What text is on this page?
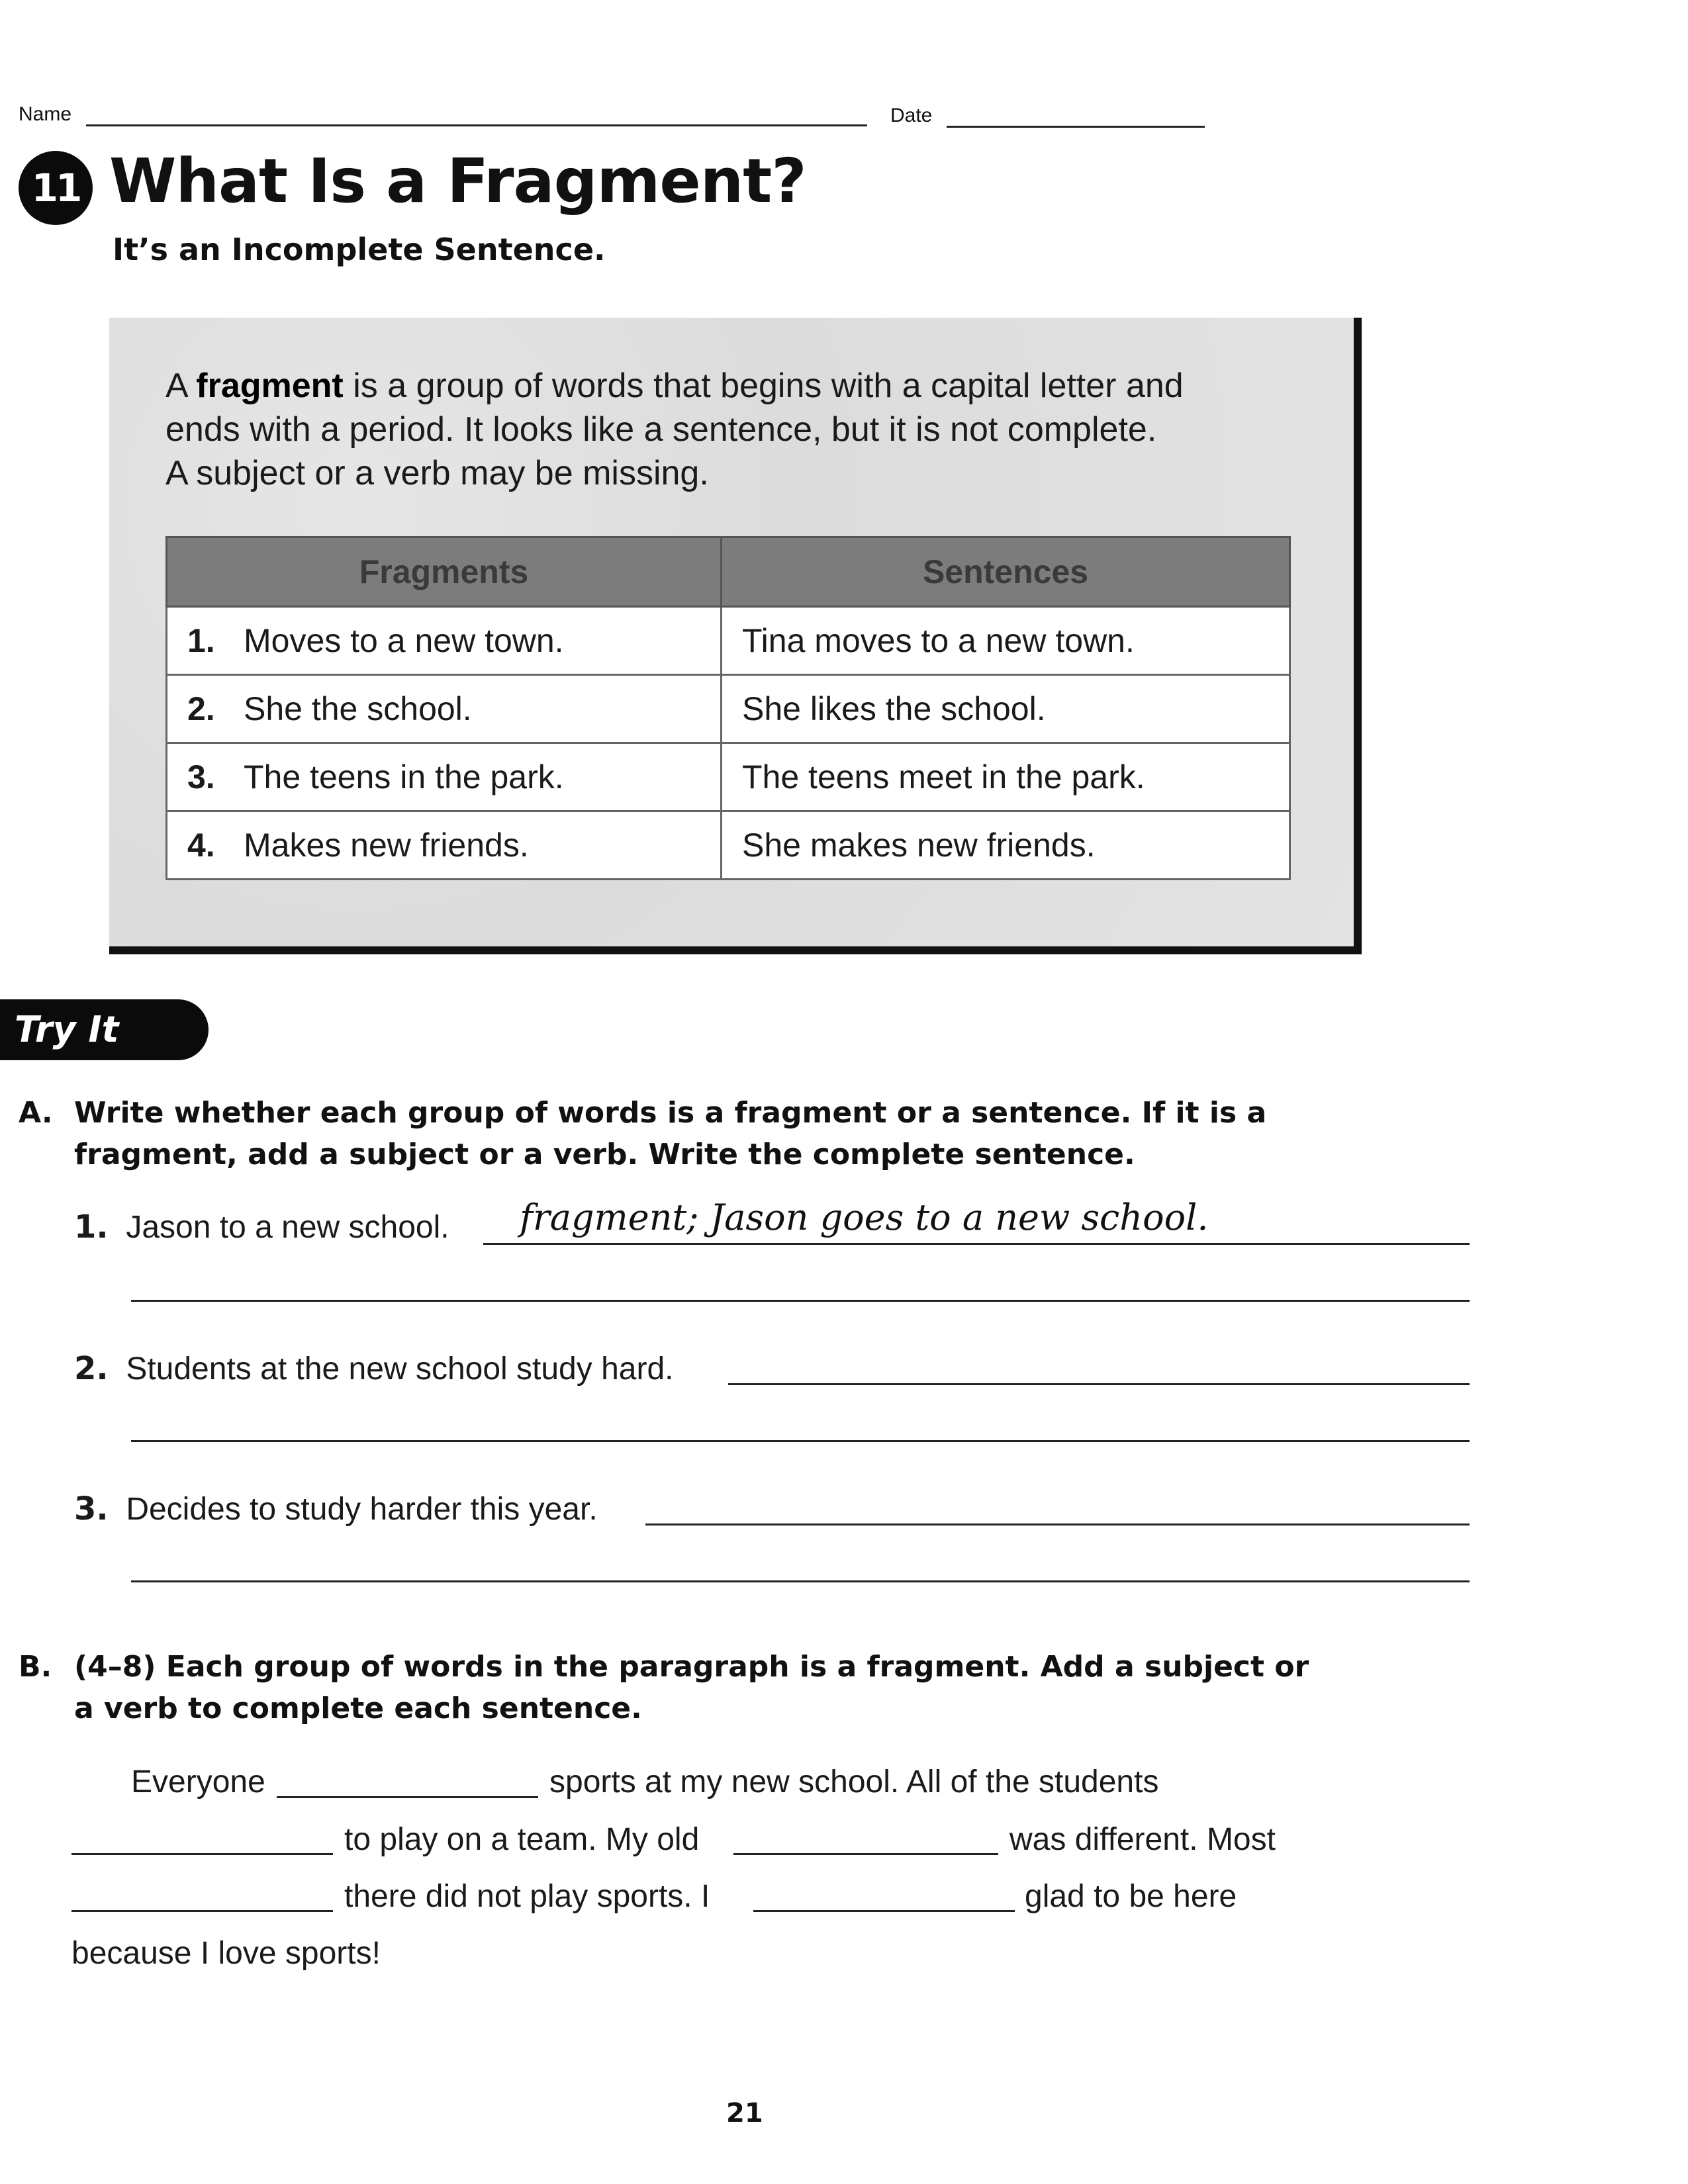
Name	Date
11 What Is a Fragment?
It’s an Incomplete Sentence.
A fragment is a group of words that begins with a capital letter and
ends with a period. It looks like a sentence, but it is not complete.
A subject or a verb may be missing.
Fragments	Sentences
1. Moves to a new town.	Tina moves to a new town.
2. She the school.	She likes the school.
3. The teens in the park.	The teens meet in the park.
4. Makes new friends.	She makes new friends.
Try It
A. Write whether each group of words is a fragment or a sentence. If it is a
fragment, add a subject or a verb. Write the complete sentence.
1. Jason to a new school. fragment; Jason goes to a new school.
2. Students at the new school study hard.
3. Decides to study harder this year.
B. (4–8) Each group of words in the paragraph is a fragment. Add a subject or
a verb to complete each sentence.
Everyone	sports at my new school. All of the students
to play on a team. My old	was different. Most
there did not play sports. I	glad to be here
because I love sports!
21
